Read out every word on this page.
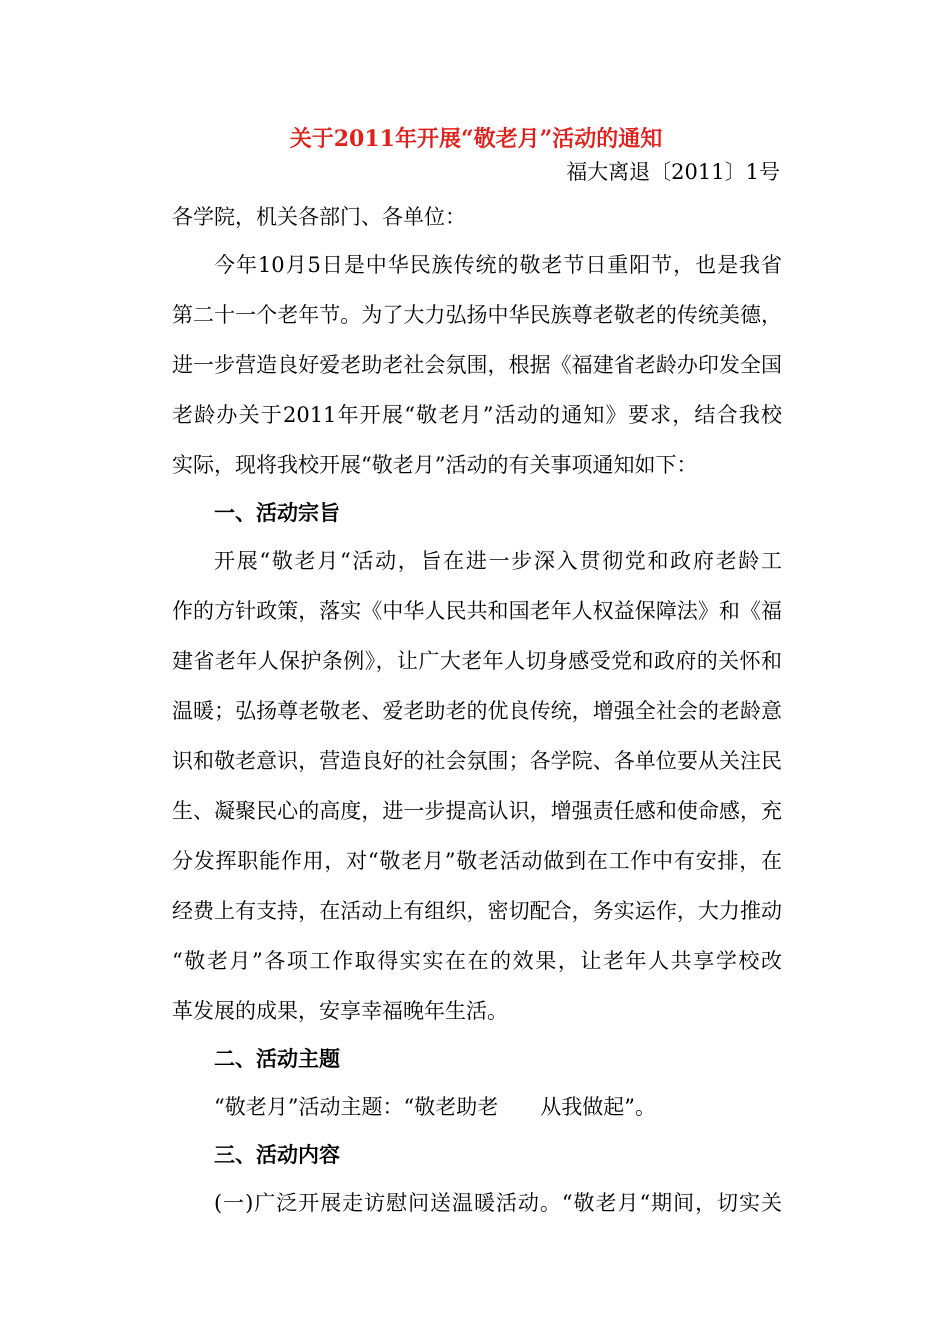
关于2011年开展“敬老月”活动的通知
福大离退〔2011〕1号
各学院，机关各部门、各单位：
今年10月5日是中华民族传统的敬老节日重阳节，也是我省
第二十一个老年节。为了大力弘扬中华民族尊老敬老的传统美德，
进一步营造良好爱老助老社会氛围，根据《福建省老龄办印发全国
老龄办关于2011年开展“敬老月”活动的通知》要求，结合我校
实际，现将我校开展“敬老月”活动的有关事项通知如下：
一、活动宗旨
开展“敬老月“活动，旨在进一步深入贯彻党和政府老龄工
作的方针政策，落实《中华人民共和国老年人权益保障法》和《福
建省老年人保护条例》，让广大老年人切身感受党和政府的关怀和
温暖；弘扬尊老敬老、爱老助老的优良传统，增强全社会的老龄意
识和敬老意识，营造良好的社会氛围；各学院、各单位要从关注民
生、凝聚民心的高度，进一步提高认识，增强责任感和使命感，充
分发挥职能作用，对“敬老月”敬老活动做到在工作中有安排，在
经费上有支持，在活动上有组织，密切配合，务实运作，大力推动
“敬老月”各项工作取得实实在在的效果，让老年人共享学校改
革发展的成果，安享幸福晚年生活。
二、活动主题
“敬老月”活动主题：“敬老助老　　从我做起”。
三、活动内容
(一)广泛开展走访慰问送温暖活动。“敬老月“期间，切实关
